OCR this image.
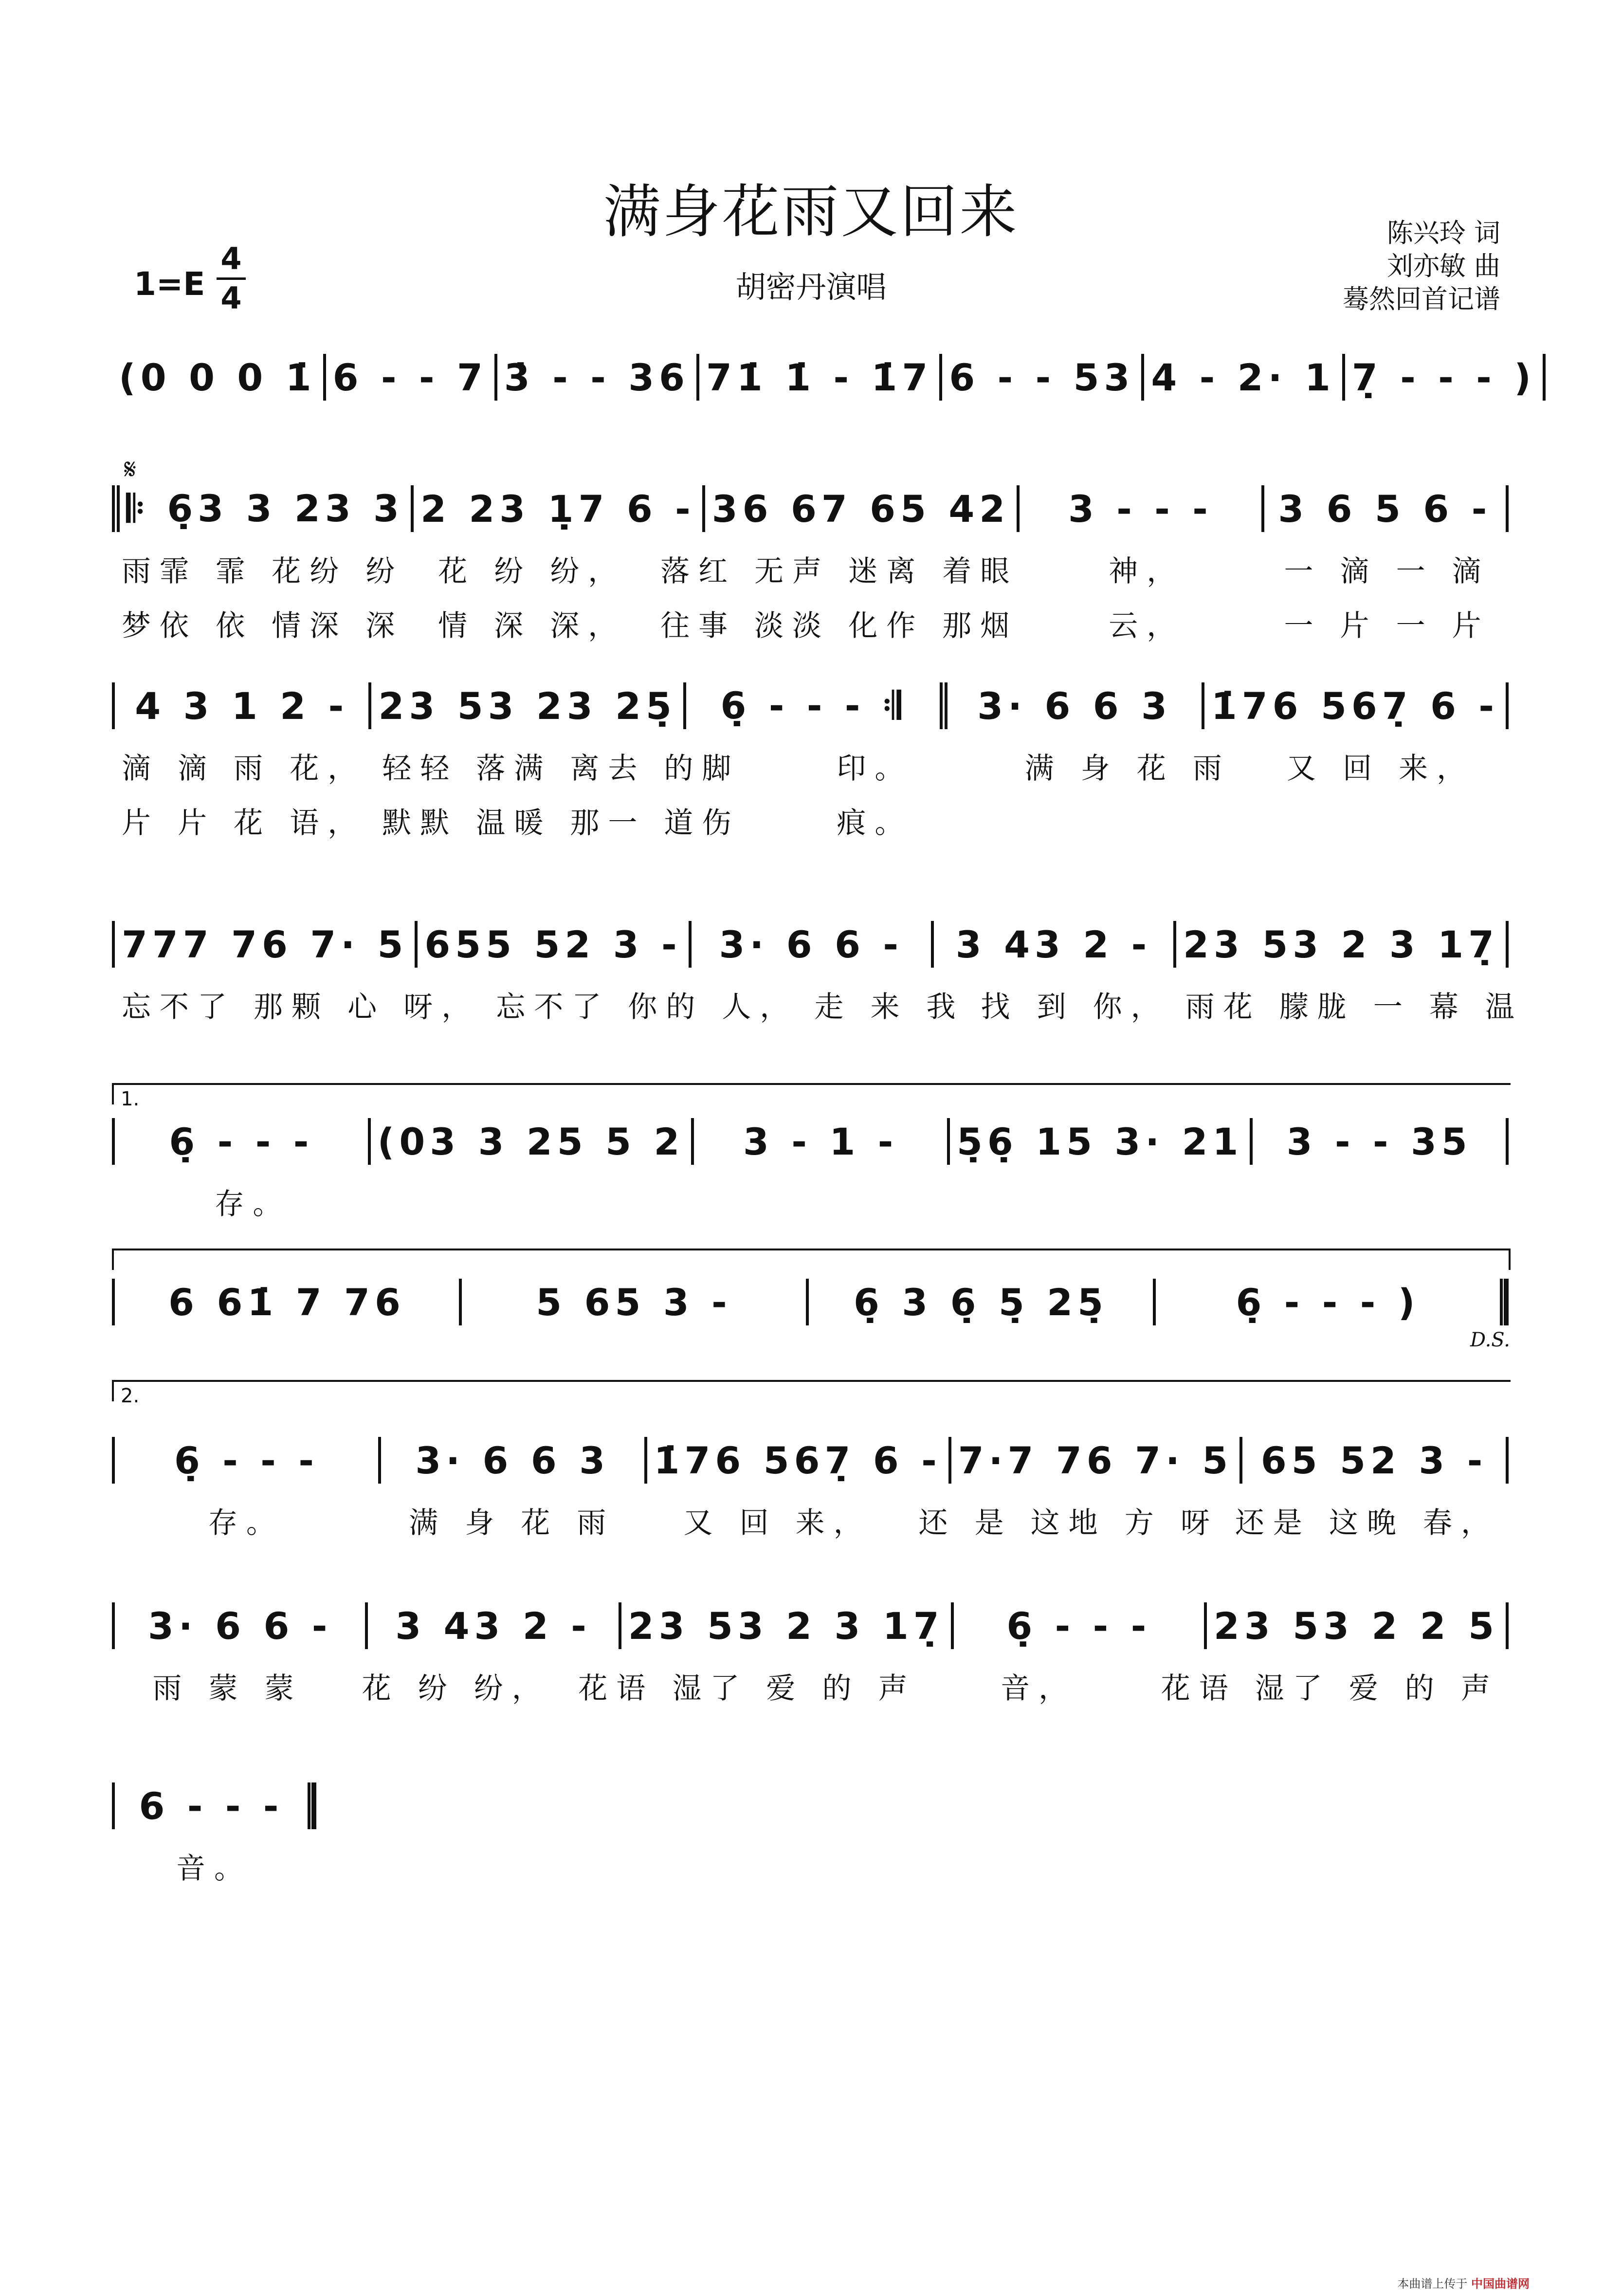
满身花雨又回来
1=E
4
4	胡密丹演唱
陈兴玲 词
刘亦敏 曲
蓦然回首记谱
𝄋
1.
2.
D.S.
(0 0 0 1̇ 6 - - 7 3̇ - - 36 71̇ 1̇ - 1̇7 6 - - 53 4 - 2· 1 7̣ - - - )
𝄆 6̣3 3 23 3 2 23 1̣7 6 - 36 67 65 42	3 - - -	3 6 5 6 -
雨霏 霏 花纷 纷	花 纷 纷，	落红 无声 迷离 着眼	神，	一 滴 一 滴
梦依 依 情深 深	情 深 深，	往事 淡淡 化作 那烟	云，	一 片 一 片
4 3 1 2 - 23 53 23 25̣	6̣ - - - 𝄇	3· 6 6 3	1̇76 567̣ 6 -
滴 滴 雨 花， 轻轻 落满 离去 的脚	印。	满 身 花 雨	又 回 来，
片 片 花 语， 默默 温暖 那一 道伤	痕。
777 76 7· 5 655 52 3 -	3· 6 6 -	3 43 2 - 23 53 2 3 17̣
忘不了 那颗 心 呀， 忘不了 你的 人， 走 来 我 找 到 你， 雨花 朦胧 一 幕 温
6̣ - - -	(03 3 25 5 2	3 - 1 -	5̣6̣ 15 3· 21	3 - - 35
存。
6 61̇ 7 76	5 65 3 -	6̣ 3 6̣ 5̣ 25̣	6̣ - - - )
6̣ - - -	3· 6 6 3	1̇76 567̣ 6 - 7·7 76 7· 5 65 52 3 -
存。	满 身 花 雨	又 回 来，	还 是 这地 方 呀 还是 这晚 春，
3· 6 6 -	3 43 2 - 23 53 2 3 17̣	6̣ - - -	23 53 2 2 5
雨 蒙 蒙	花 纷 纷， 花语 湿了 爱 的 声	音，	花语 湿了 爱 的 声
6 - - -
音。
本曲谱上传于 中国曲谱网
